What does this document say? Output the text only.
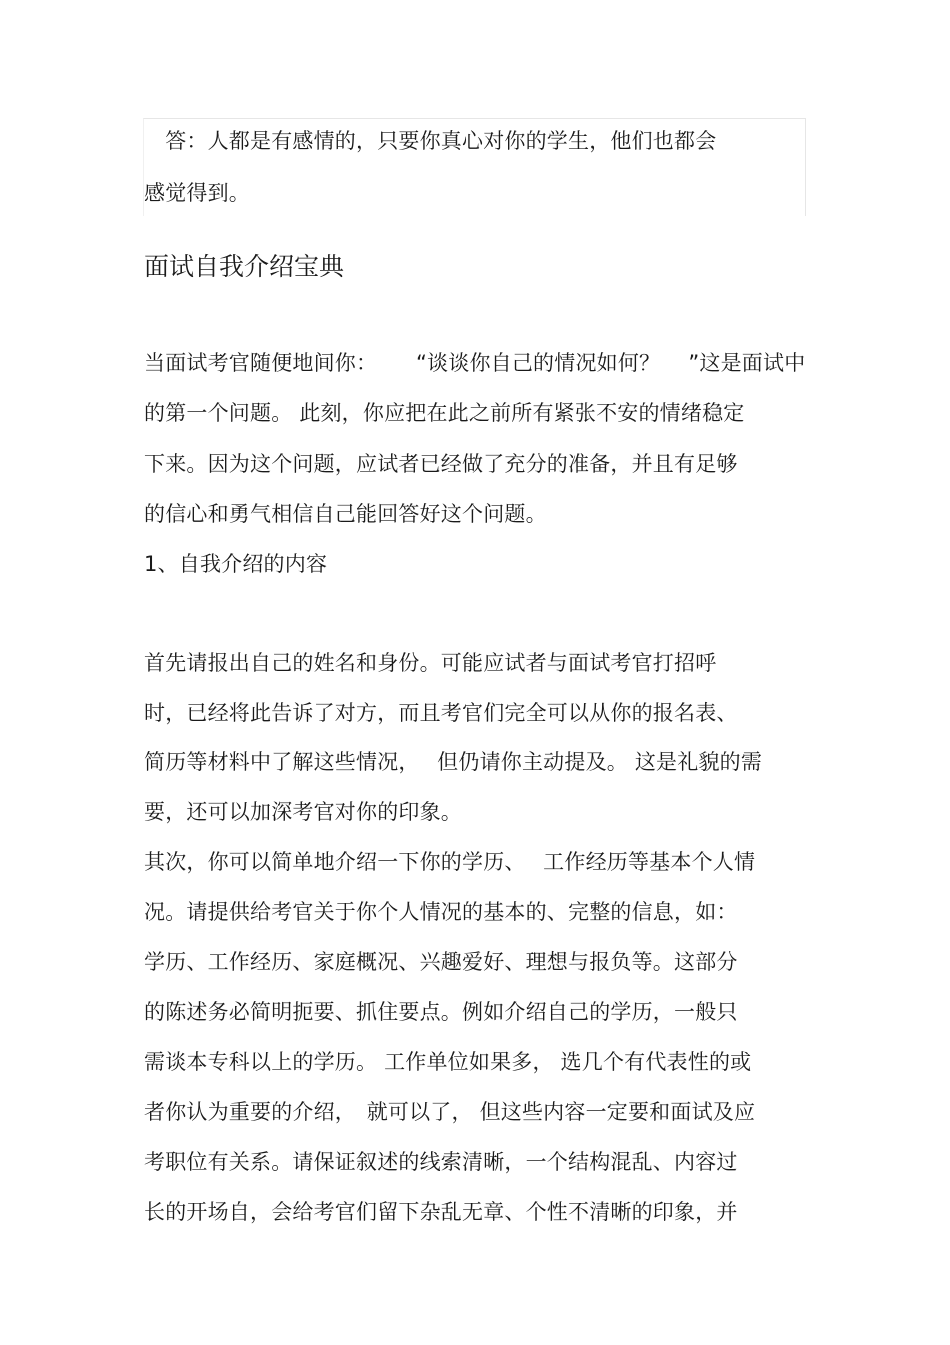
　答：人都是有感情的，只要你真心对你的学生，他们也都会
感觉得到。
面试自我介绍宝典
当面试考官随便地间你：　　 “谈谈你自己的情况如何？　 ”这是面试中
的第一个问题。 此刻，你应把在此之前所有紧张不安的情绪稳定
下来。因为这个问题，应试者已经做了充分的准备，并且有足够
的信心和勇气相信自己能回答好这个问题。
1、自我介绍的内容
首先请报出自己的姓名和身份。可能应试者与面试考官打招呼
时，已经将此告诉了对方，而且考官们完全可以从你的报名表、
简历等材料中了解这些情况，　 但仍请你主动提及。 这是礼貌的需
要，还可以加深考官对你的印象。
其次，你可以简单地介绍一下你的学历、　 工作经历等基本个人情
况。请提供给考官关于你个人情况的基本的、完整的信息，如：
学历、工作经历、家庭概况、兴趣爱好、理想与报负等。这部分
的陈述务必简明扼要、抓住要点。例如介绍自己的学历，一般只
需谈本专科以上的学历。 工作单位如果多， 选几个有代表性的或
者你认为重要的介绍，　就可以了， 但这些内容一定要和面试及应
考职位有关系。请保证叙述的线索清晰，一个结构混乱、内容过
长的开场自，会给考官们留下杂乱无章、个性不清晰的印象，并
